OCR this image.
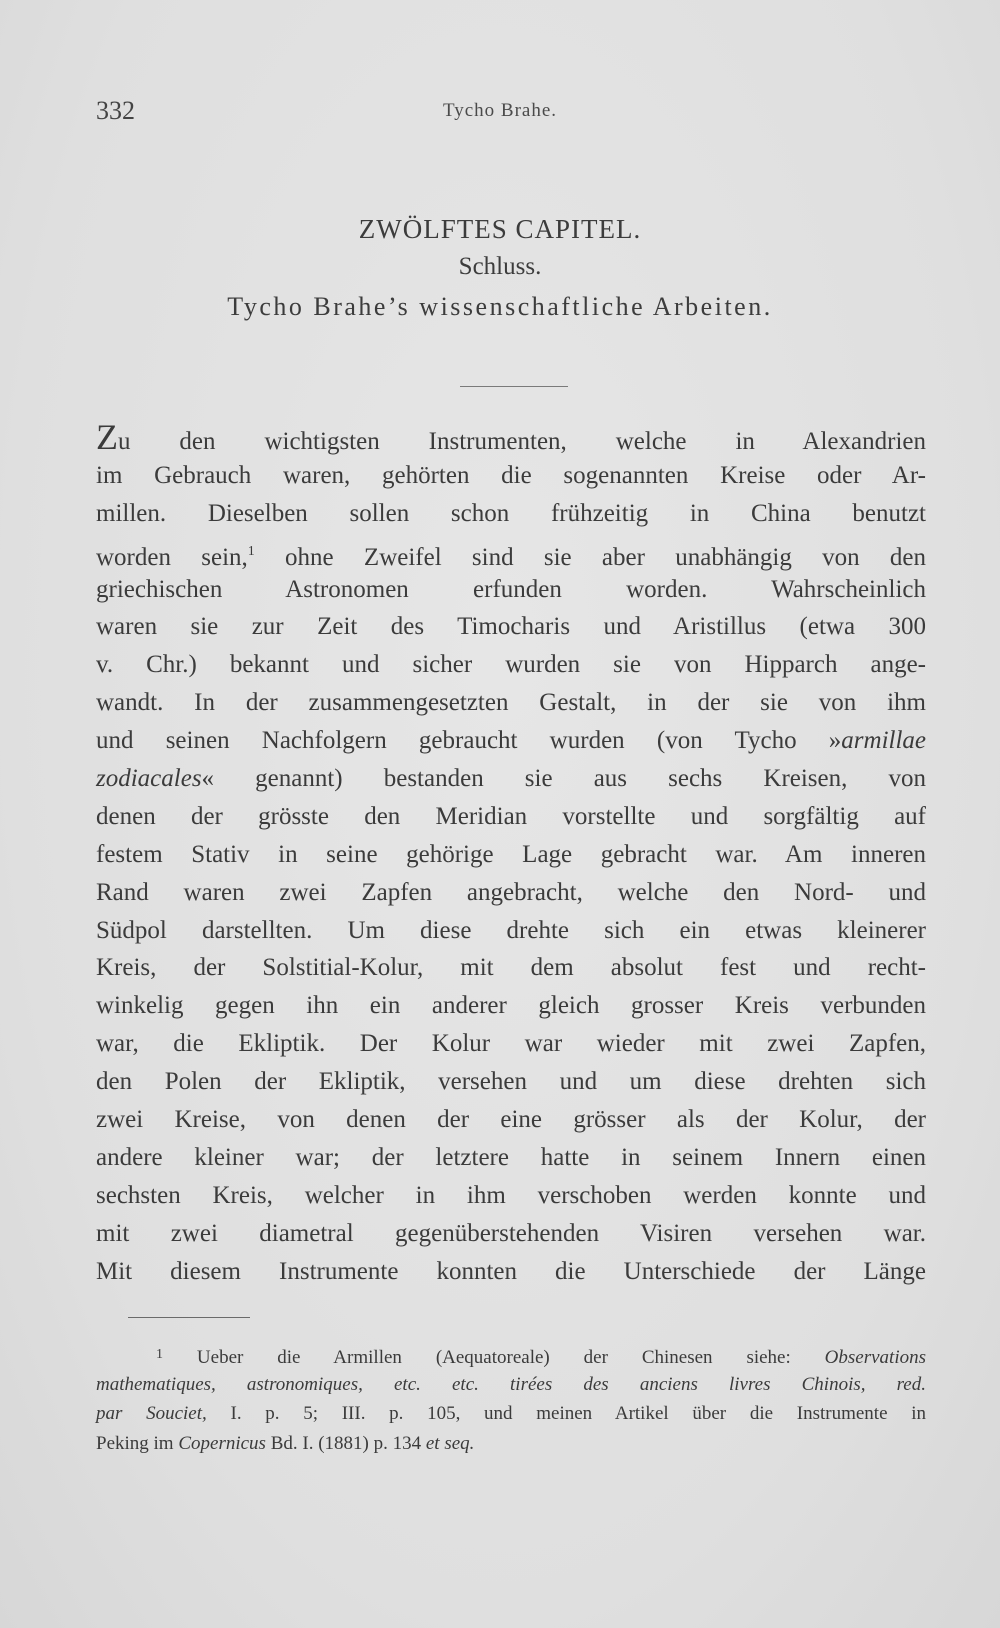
332	Tycho Brahe.
ZWÖLFTES CAPITEL.
Schluss.
Tycho Brahe’s wissenschaftliche Arbeiten.
Zu den wichtigsten Instrumenten, welche in Alexandrien
im Gebrauch waren, gehörten die sogenannten Kreise oder Ar-
millen. Dieselben sollen schon frühzeitig in China benutzt
worden sein,$^1$ ohne Zweifel sind sie aber unabhängig von den
griechischen Astronomen erfunden worden. Wahrscheinlich
waren sie zur Zeit des Timocharis und Aristillus (etwa 300
v. Chr.) bekannt und sicher wurden sie von Hipparch ange-
wandt. In der zusammengesetzten Gestalt, in der sie von ihm
und seinen Nachfolgern gebraucht wurden (von Tycho »armillae
zodiacales« genannt) bestanden sie aus sechs Kreisen, von
denen der grösste den Meridian vorstellte und sorgfältig auf
festem Stativ in seine gehörige Lage gebracht war. Am inneren
Rand waren zwei Zapfen angebracht, welche den Nord- und
Südpol darstellten. Um diese drehte sich ein etwas kleinerer
Kreis, der Solstitial-Kolur, mit dem absolut fest und recht-
winkelig gegen ihn ein anderer gleich grosser Kreis verbunden
war, die Ekliptik. Der Kolur war wieder mit zwei Zapfen,
den Polen der Ekliptik, versehen und um diese drehten sich
zwei Kreise, von denen der eine grösser als der Kolur, der
andere kleiner war; der letztere hatte in seinem Innern einen
sechsten Kreis, welcher in ihm verschoben werden konnte und
mit zwei diametral gegenüberstehenden Visiren versehen war.
Mit diesem Instrumente konnten die Unterschiede der Länge
$^1$ Ueber die Armillen (Aequatoreale) der Chinesen siehe: Observations
mathematiques, astronomiques, etc. etc. tirées des anciens livres Chinois, red.
par Souciet, I. p. 5; III. p. 105, und meinen Artikel über die Instrumente in
Peking im Copernicus Bd. I. (1881) p. 134 et seq.
